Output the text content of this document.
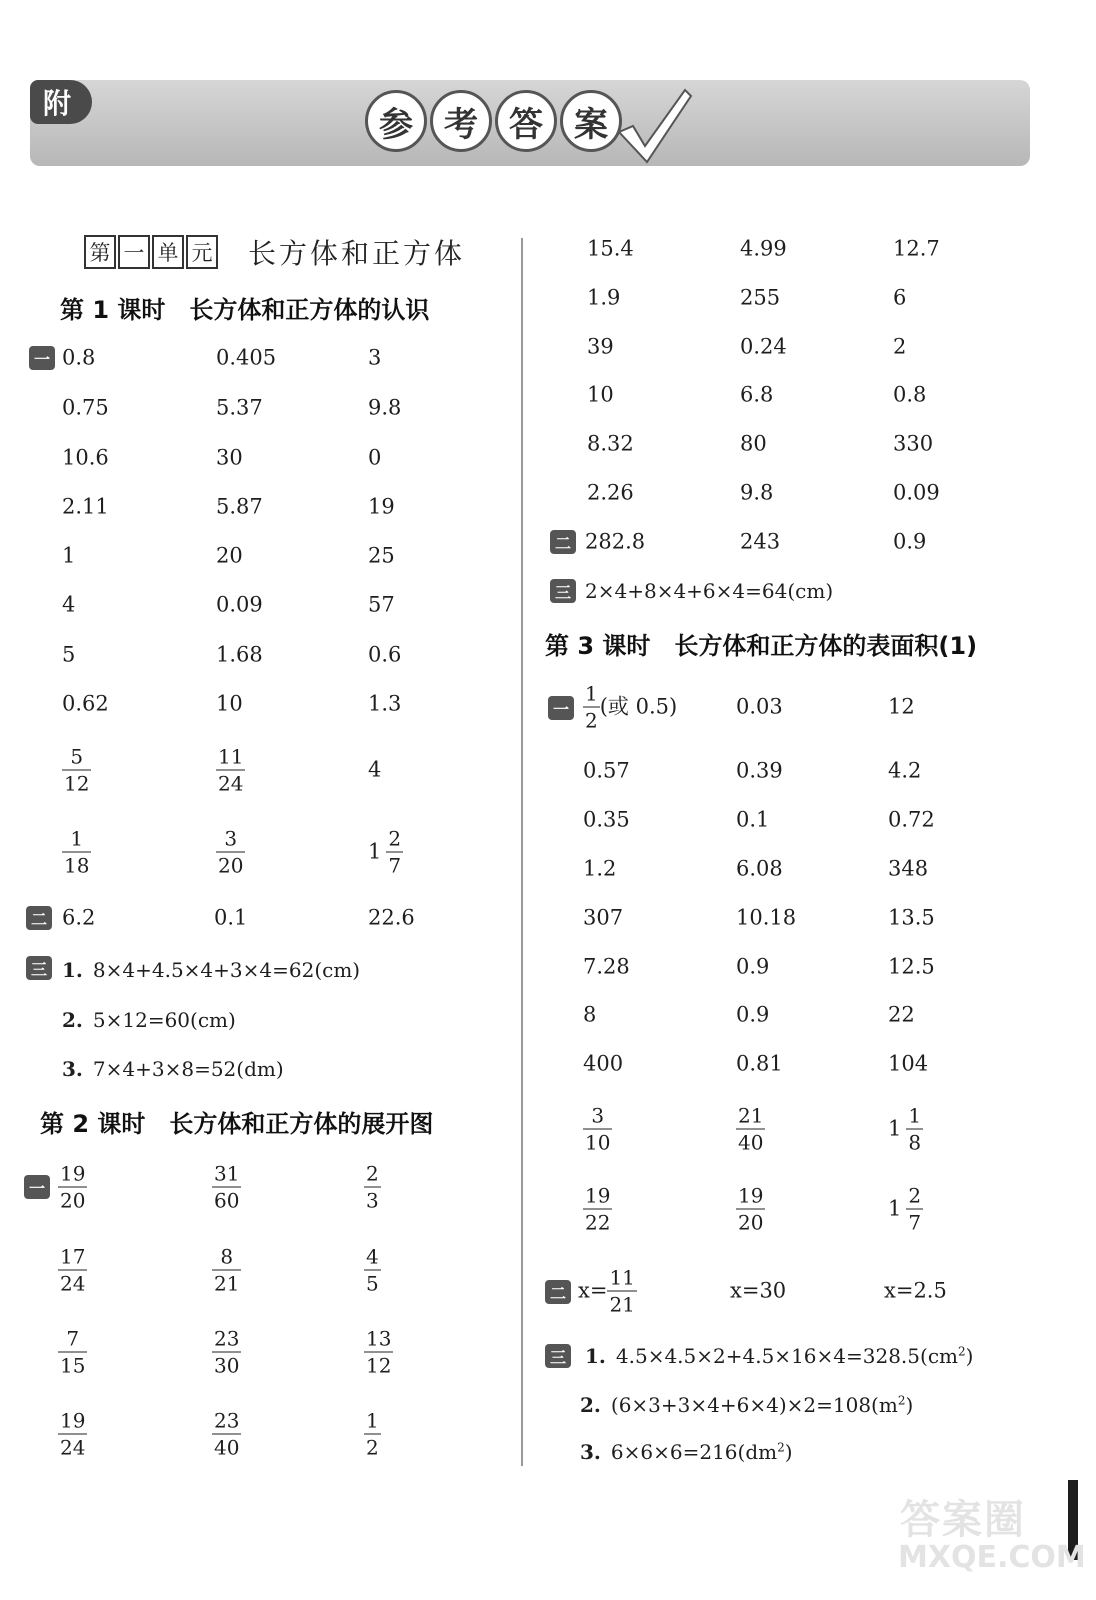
附
参 考 答 案
第 一 单 元 长方体和正方体
第 1 课时　长方体和正方体的认识
第 2 课时　长方体和正方体的展开图
第 3 课时　长方体和正方体的表面积(1)
一
二
三
一
二
三
一
二
三
0.8	0.405	3
0.75	5.37	9.8
10.6	30	0
2.11	5.87	19
1	20	25
4	0.09	57
5	1.68	0.6
0.62	10	1.3
$\frac{5}{12}$	$\frac{11}{24}$	4
$\frac{1}{18}$	$\frac{3}{20}$	$1 \frac{2}{7}$
6.2	0.1	22.6
$\frac{19}{20}$	$\frac{31}{60}$	$\frac{2}{3}$
$\frac{17}{24}$	$\frac{8}{21}$	$\frac{4}{5}$
$\frac{7}{15}$	$\frac{23}{30}$	$\frac{13}{12}$
$\frac{19}{24}$	$\frac{23}{40}$	$\frac{1}{2}$
15.4	4.99	12.7
1.9	255	6
39	0.24	2
10	6.8	0.8
8.32	80	330
2.26	9.8	0.09
282.8	243	0.9
$\frac{1}{2}$ (或 0.5)	0.03	12
0.57	0.39	4.2
0.35	0.1	0.72
1.2	6.08	348
307	10.18	13.5
7.28	0.9	12.5
8	0.9	22
400	0.81	104
$\frac{3}{10}$	$\frac{21}{40}$	$1 \frac{1}{8}$
$\frac{19}{22}$	$\frac{19}{20}$	$1 \frac{2}{7}$
$x= \frac{11}{21}$	x=30	x=2.5
1. 8×4+4.5×4+3×4=62(cm)
2. 5×12=60(cm)
3. 7×4+3×8=52(dm)
2×4+8×4+6×4=64(cm)
1. $4.5\times 4.5\times 2+4.5\times 16\times 4=328.5(cm^2)$
2. $(6\times 3+3\times 4+6\times 4)\times 2=108(m^2)$
3. $6\times 6\times 6=216(dm^2)$
答案圈
MXQE.COM
